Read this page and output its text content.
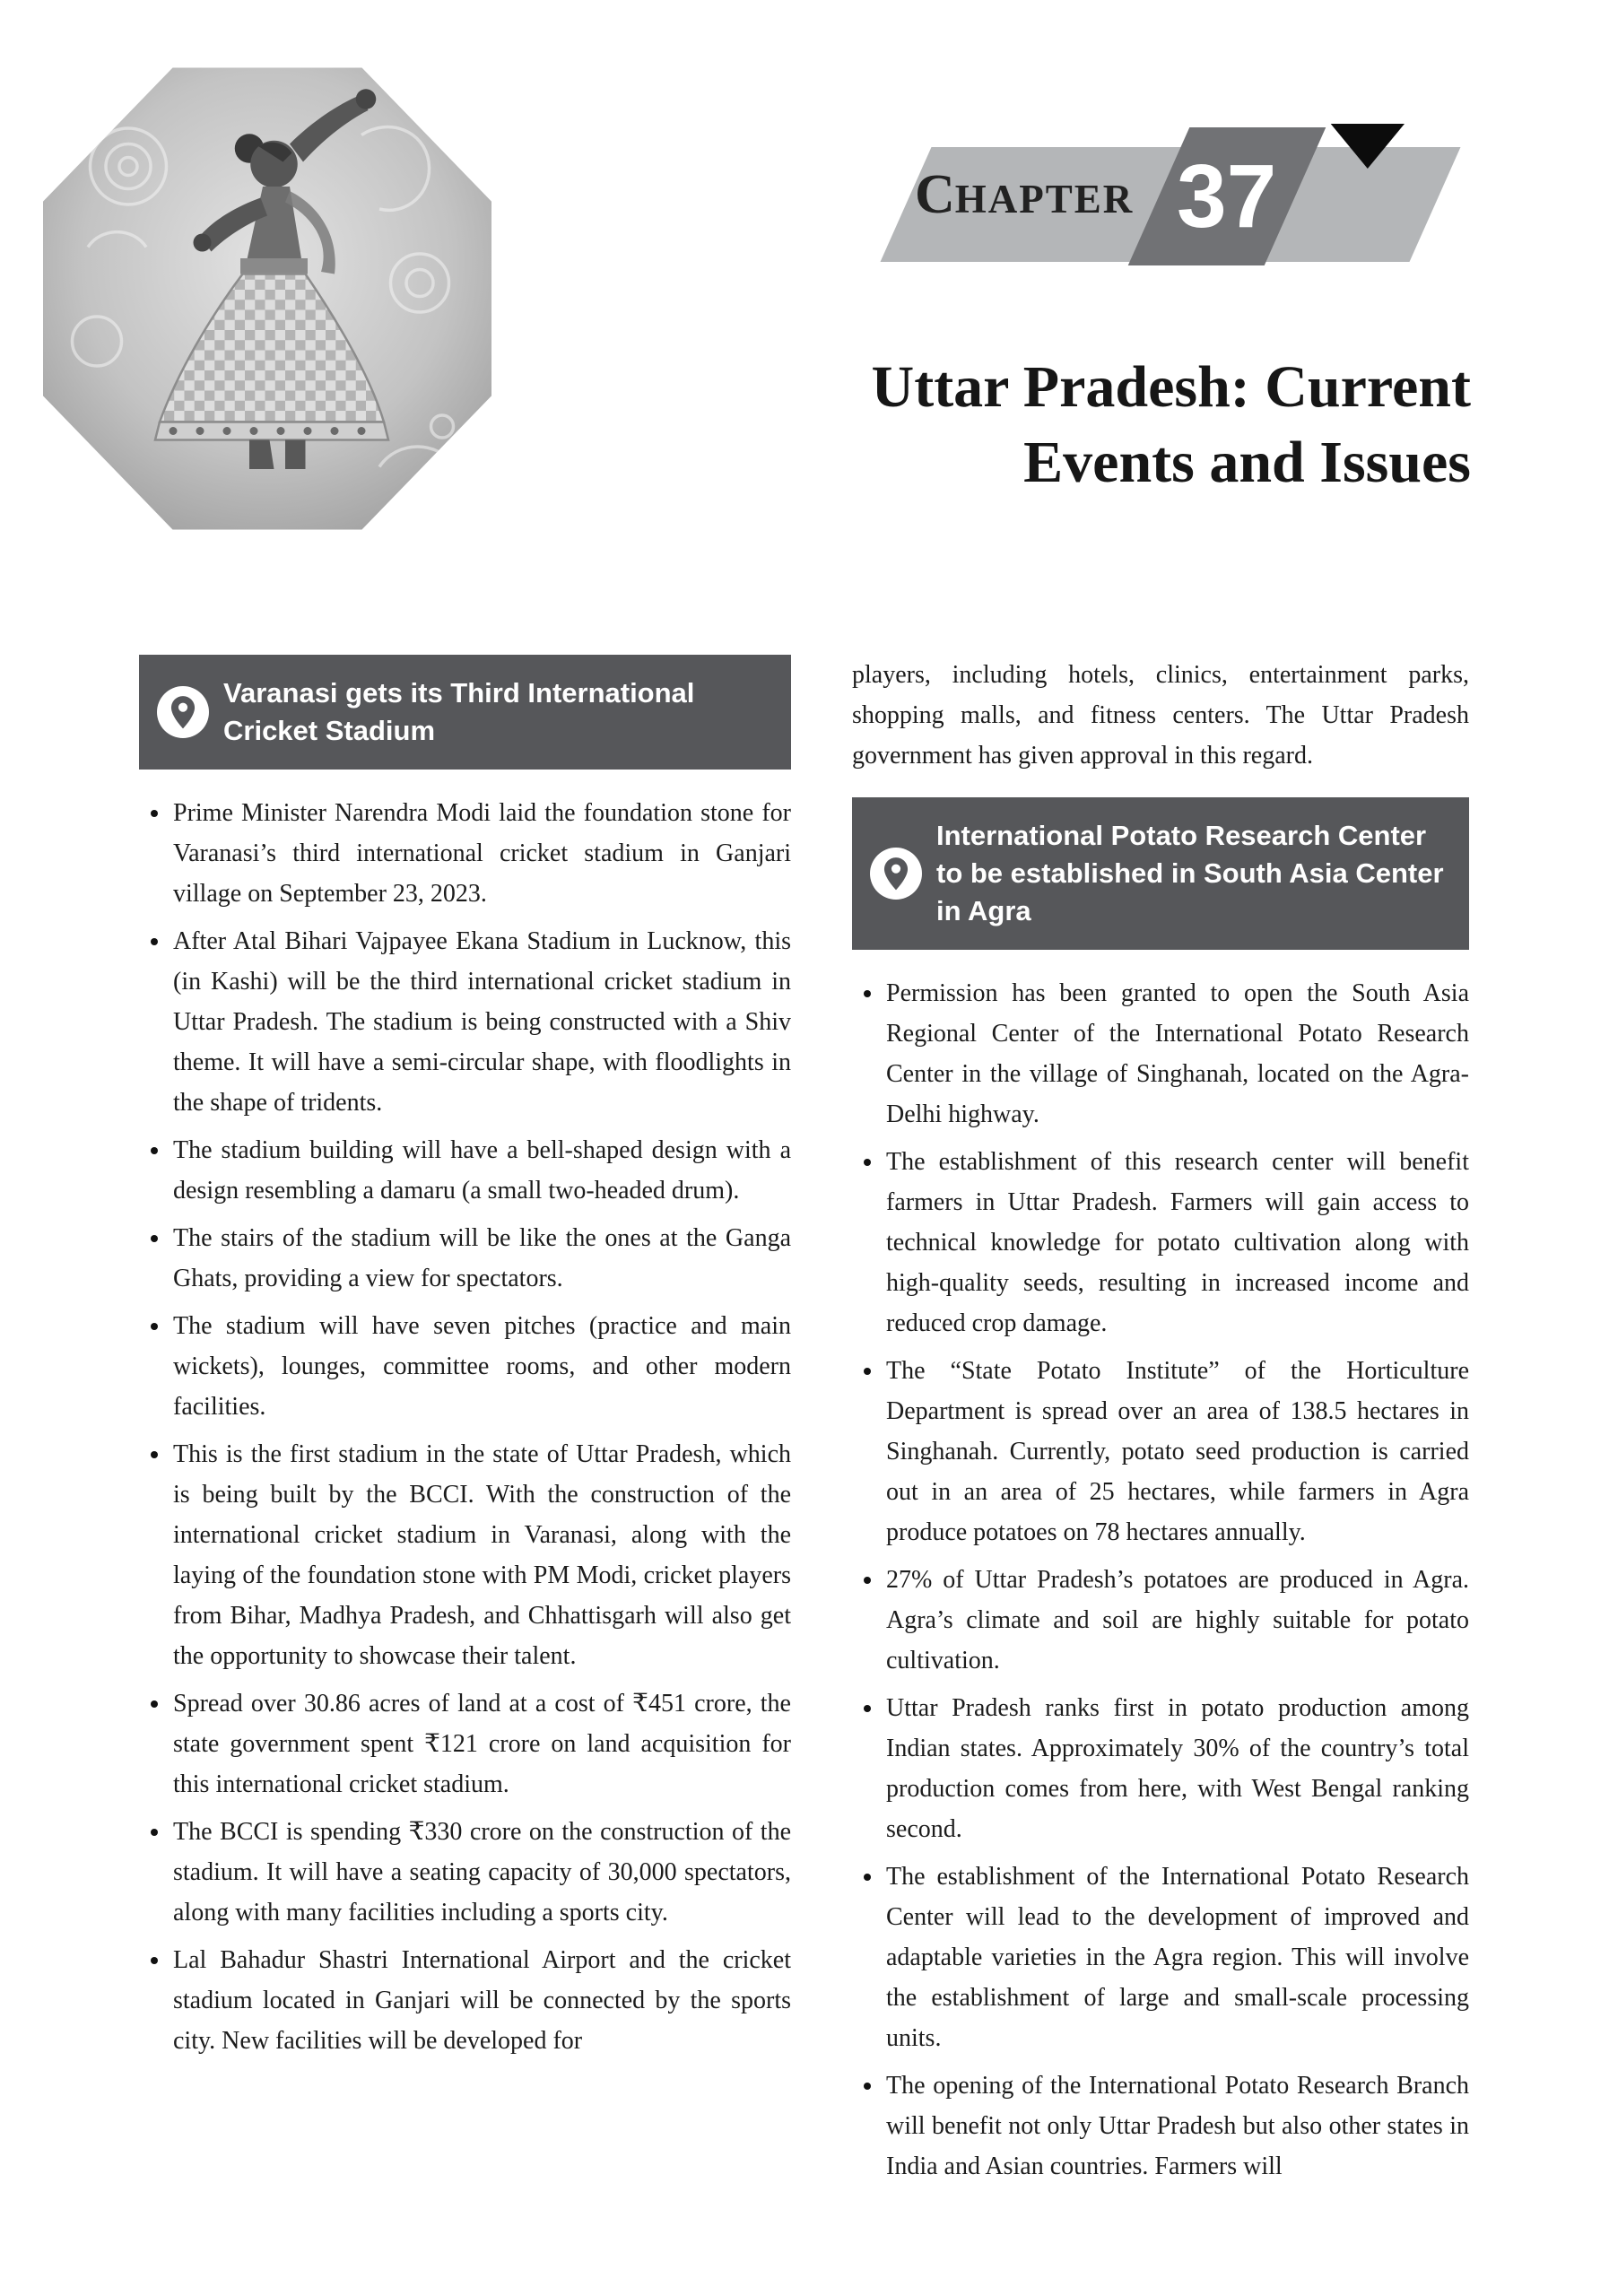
37
CHAPTER
Uttar Pradesh: Current
Events and Issues
Varanasi gets its Third International Cricket Stadium
• Prime Minister Narendra Modi laid the foundation stone for Varanasi’s third international cricket stadium in Ganjari village on September 23, 2023.
• After Atal Bihari Vajpayee Ekana Stadium in Lucknow, this (in Kashi) will be the third international cricket stadium in Uttar Pradesh. The stadium is being constructed with a Shiv theme. It will have a semi-circular shape, with floodlights in the shape of tridents.
• The stadium building will have a bell-shaped design with a design resembling a damaru (a small two-headed drum).
• The stairs of the stadium will be like the ones at the Ganga Ghats, providing a view for spectators.
• The stadium will have seven pitches (practice and main wickets), lounges, committee rooms, and other modern facilities.
• This is the first stadium in the state of Uttar Pradesh, which is being built by the BCCI. With the construction of the international cricket stadium in Varanasi, along with the laying of the foundation stone with PM Modi, cricket players from Bihar, Madhya Pradesh, and Chhattisgarh will also get the opportunity to showcase their talent.
• Spread over 30.86 acres of land at a cost of ₹451 crore, the state government spent ₹121 crore on land acquisition for this international cricket stadium.
• The BCCI is spending ₹330 crore on the construction of the stadium. It will have a seating capacity of 30,000 spectators, along with many facilities including a sports city.
• Lal Bahadur Shastri International Airport and the cricket stadium located in Ganjari will be connected by the sports city. New facilities will be developed for

players, including hotels, clinics, entertainment parks, shopping malls, and fitness centers. The Uttar Pradesh government has given approval in this regard.

International Potato Research Center to be established in South Asia Center in Agra
• Permission has been granted to open the South Asia Regional Center of the International Potato Research Center in the village of Singhanah, located on the Agra-Delhi highway.
• The establishment of this research center will benefit farmers in Uttar Pradesh. Farmers will gain access to technical knowledge for potato cultivation along with high-quality seeds, resulting in increased income and reduced crop damage.
• The “State Potato Institute” of the Horticulture Department is spread over an area of 138.5 hectares in Singhanah. Currently, potato seed production is carried out in an area of 25 hectares, while farmers in Agra produce potatoes on 78 hectares annually.
• 27% of Uttar Pradesh’s potatoes are produced in Agra. Agra’s climate and soil are highly suitable for potato cultivation.
• Uttar Pradesh ranks first in potato production among Indian states. Approximately 30% of the country’s total production comes from here, with West Bengal ranking second.
• The establishment of the International Potato Research Center will lead to the development of improved and adaptable varieties in the Agra region. This will involve the establishment of large and small-scale processing units.
• The opening of the International Potato Research Branch will benefit not only Uttar Pradesh but also other states in India and Asian countries. Farmers will
